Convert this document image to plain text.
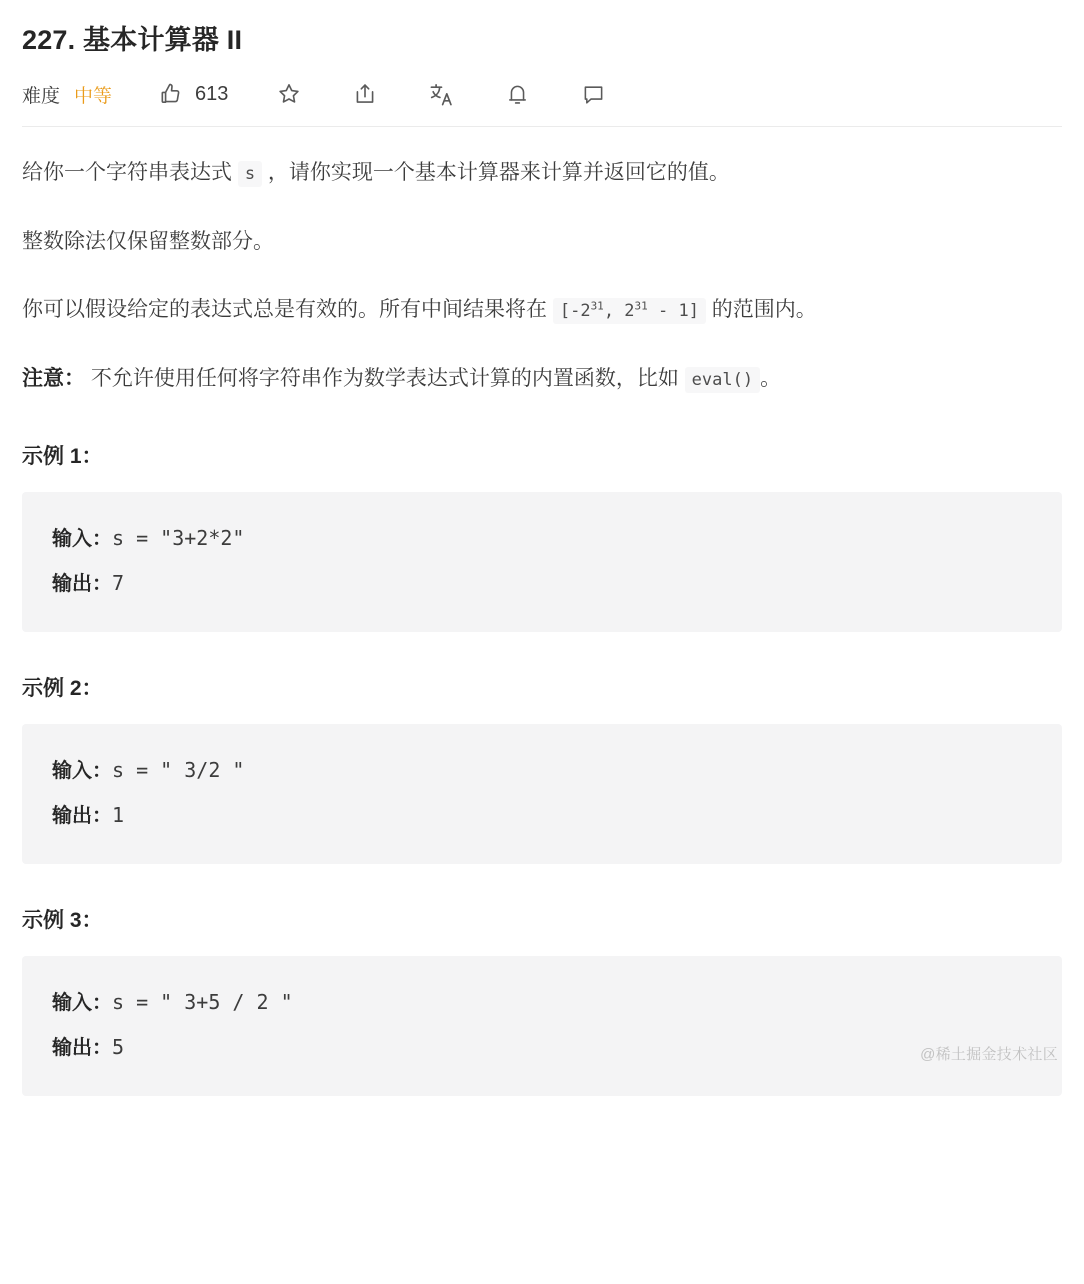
227. 基本计算器 II
难度 中等	613

给你一个字符串表达式 s ，请你实现一个基本计算器来计算并返回它的值。

整数除法仅保留整数部分。

你可以假设给定的表达式总是有效的。所有中间结果将在 [$-2^{31}$, $2^{31} - 1$] 的范围内。

注意： 不允许使用任何将字符串作为数学表达式计算的内置函数，比如 eval() 。

示例 1：
输入：s = "3+2*2"
输出：7
示例 2：
输入：s = " 3/2 "
输出：1
示例 3：
输入：s = " 3+5 / 2 "
输出：5	@稀土掘金技术社区
